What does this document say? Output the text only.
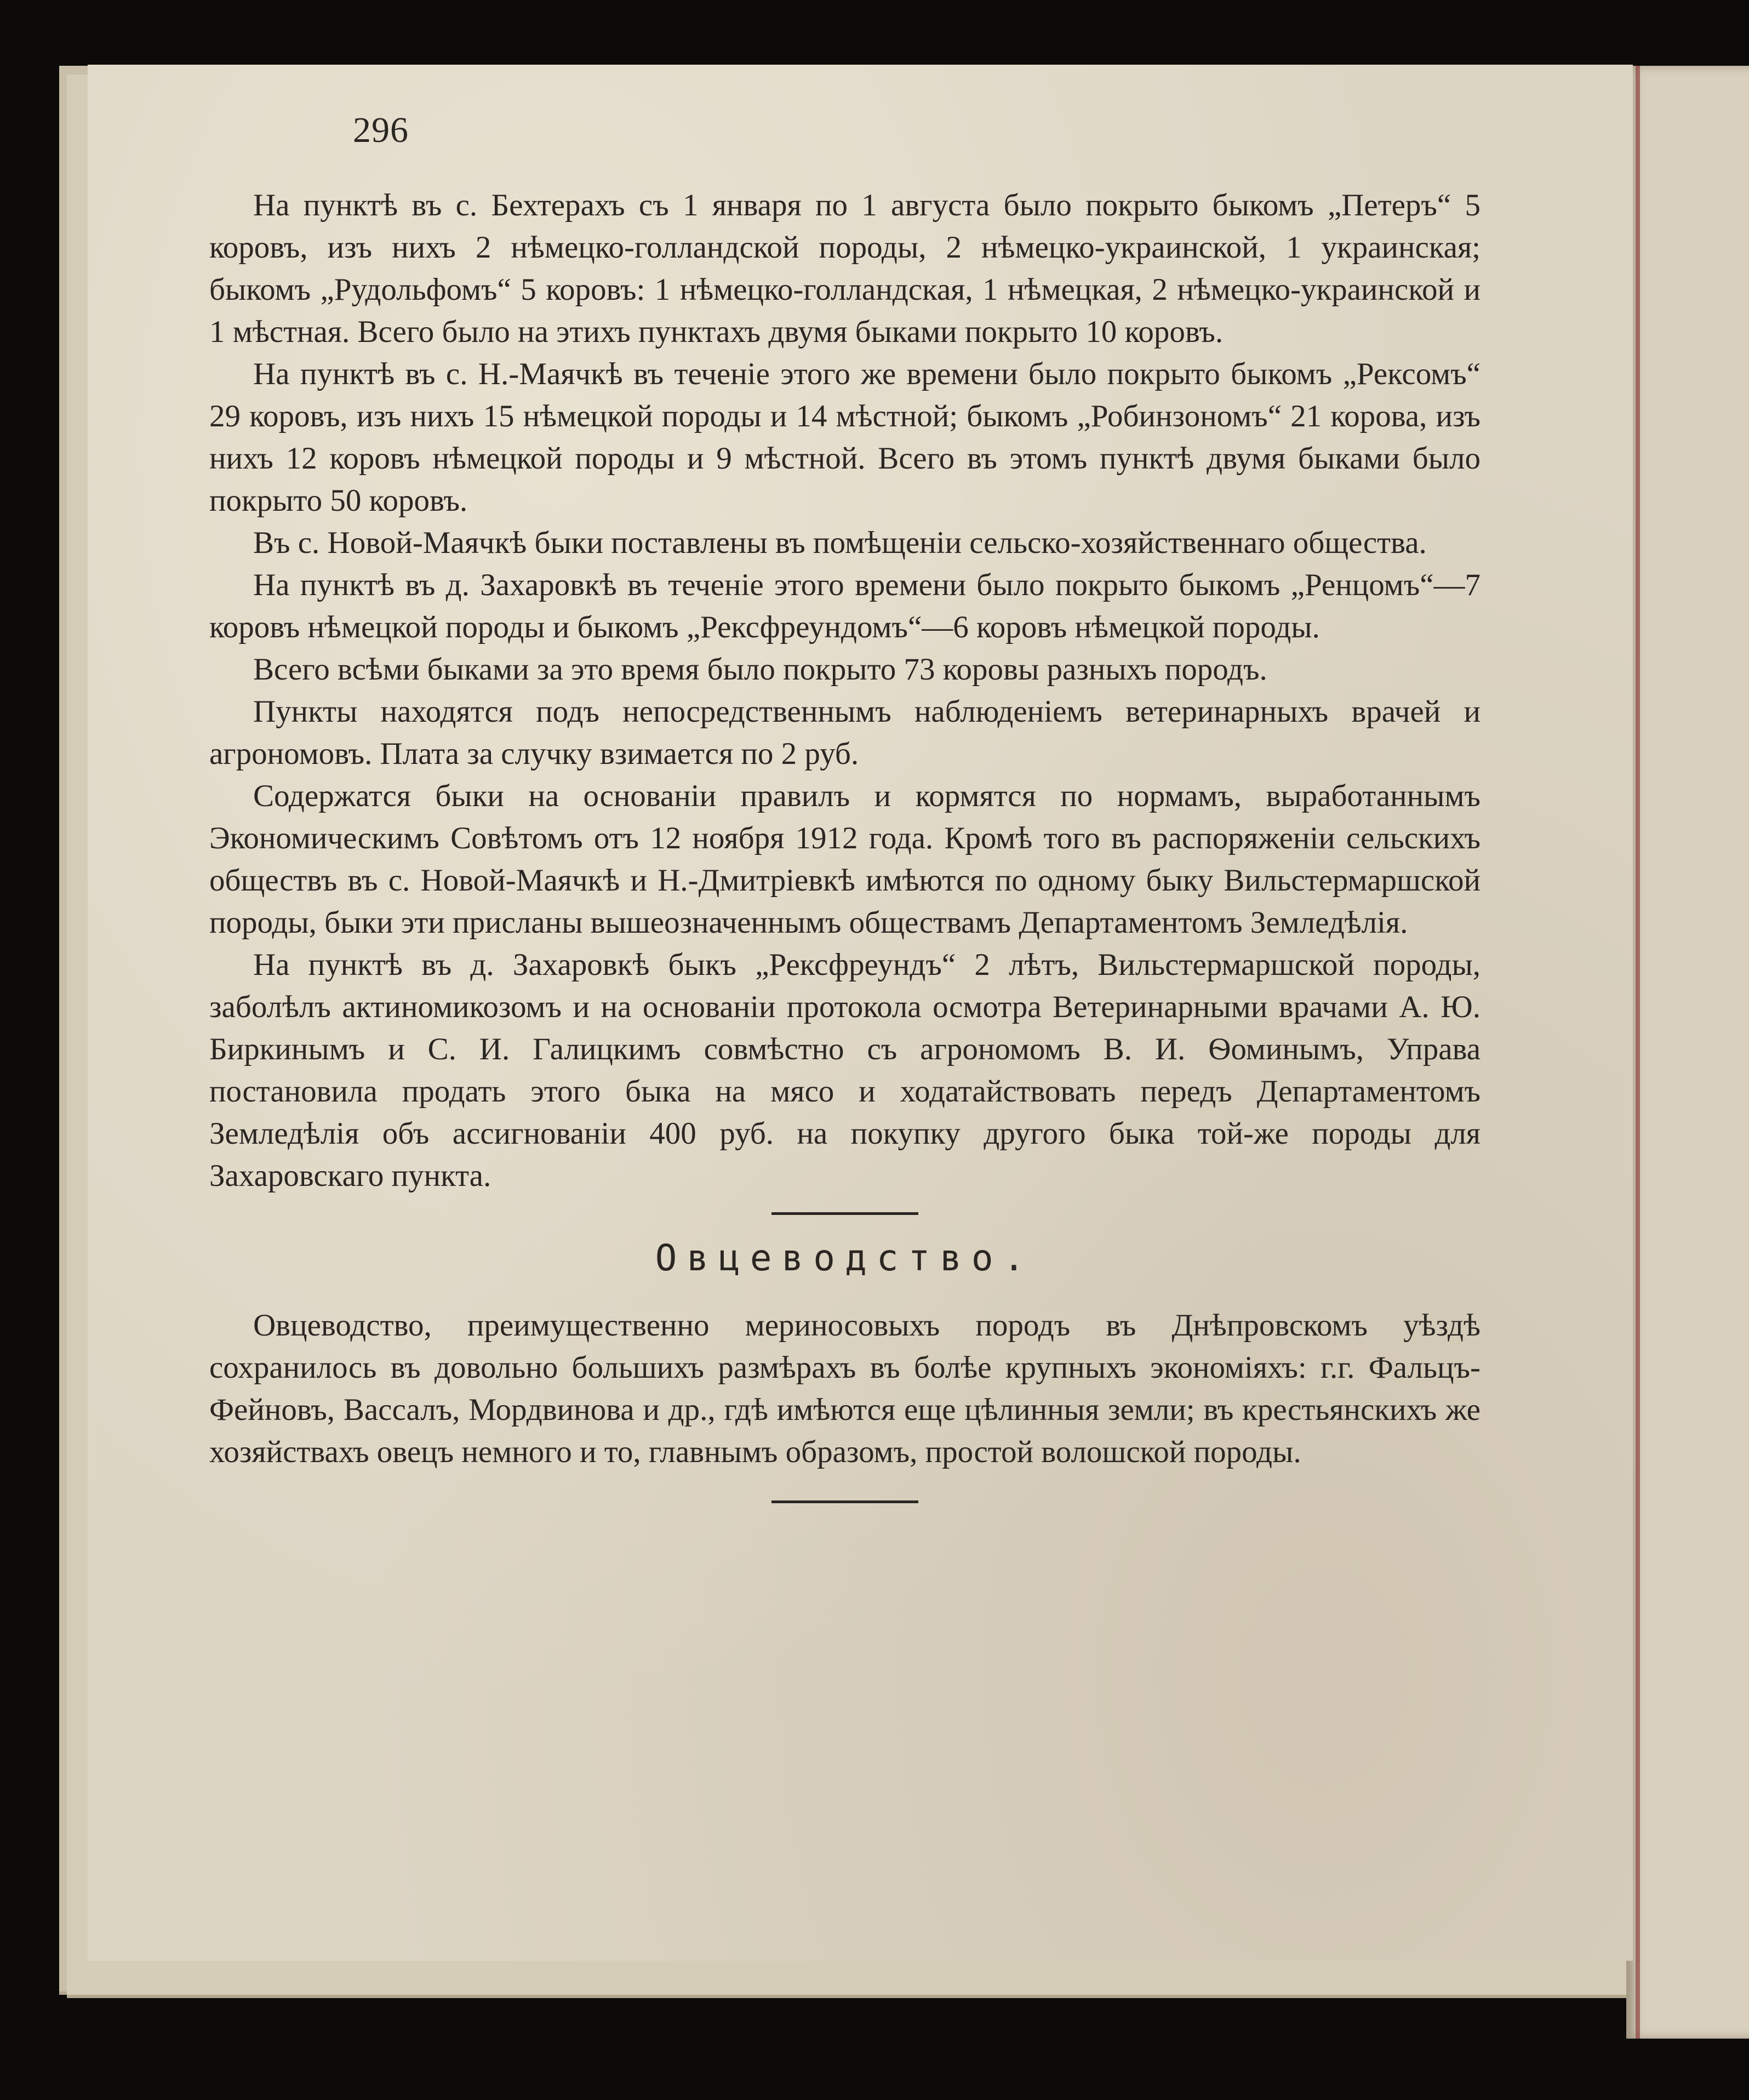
296

На пунктѣ въ с. Бехтерахъ съ 1 января по 1 августа было покрыто быкомъ „Петеръ“ 5 коровъ, изъ нихъ 2 нѣмецко-голландской породы, 2 нѣмецко-украинской, 1 украинская; быкомъ „Рудольфомъ“ 5 коровъ: 1 нѣмецко-голландская, 1 нѣмецкая, 2 нѣмецко-украинской и 1 мѣстная. Всего было на этихъ пунктахъ двумя быками покрыто 10 коровъ.

На пунктѣ въ с. Н.-Маячкѣ въ теченіе этого же времени было покрыто быкомъ „Рексомъ“ 29 коровъ, изъ нихъ 15 нѣмецкой породы и 14 мѣстной; быкомъ „Робинзономъ“ 21 корова, изъ нихъ 12 коровъ нѣмецкой породы и 9 мѣстной. Всего въ этомъ пунктѣ двумя быками было покрыто 50 коровъ.

Въ с. Новой-Маячкѣ быки поставлены въ помѣщеніи сельско-хозяйственнаго общества.

На пунктѣ въ д. Захаровкѣ въ теченіе этого времени было покрыто быкомъ „Ренцомъ“—7 коровъ нѣмецкой породы и быкомъ „Рексфреундомъ“—6 коровъ нѣмецкой породы.

Всего всѣми быками за это время было покрыто 73 коровы разныхъ породъ.

Пункты находятся подъ непосредственнымъ наблюденіемъ ветеринарныхъ врачей и агрономовъ. Плата за случку взимается по 2 руб.

Содержатся быки на основаніи правилъ и кормятся по нормамъ, выработаннымъ Экономическимъ Совѣтомъ отъ 12 ноября 1912 года. Кромѣ того въ распоряженіи сельскихъ обществъ въ с. Новой-Маячкѣ и Н.-Дмитріевкѣ имѣются по одному быку Вильстермаршской породы, быки эти присланы вышеозначеннымъ обществамъ Департаментомъ Земледѣлія.

На пунктѣ въ д. Захаровкѣ быкъ „Рексфреундъ“ 2 лѣтъ, Вильстермаршской породы, заболѣлъ актиномикозомъ и на основаніи протокола осмотра Ветеринарными врачами А. Ю. Биркинымъ и С. И. Галицкимъ совмѣстно съ агрономомъ В. И. Ѳоминымъ, Управа постановила продать этого быка на мясо и ходатайствовать передъ Департаментомъ Земледѣлія объ ассигнованіи 400 руб. на покупку другого быка той-же породы для Захаровскаго пункта.

Овцеводство.

Овцеводство, преимущественно мериносовыхъ породъ въ Днѣпровскомъ уѣздѣ сохранилось въ довольно большихъ размѣрахъ въ болѣе крупныхъ экономіяхъ: г.г. Фальцъ-Фейновъ, Вассалъ, Мордвинова и др., гдѣ имѣются еще цѣлинныя земли; въ крестьянскихъ же хозяйствахъ овецъ немного и то, главнымъ образомъ, простой волошской породы.
